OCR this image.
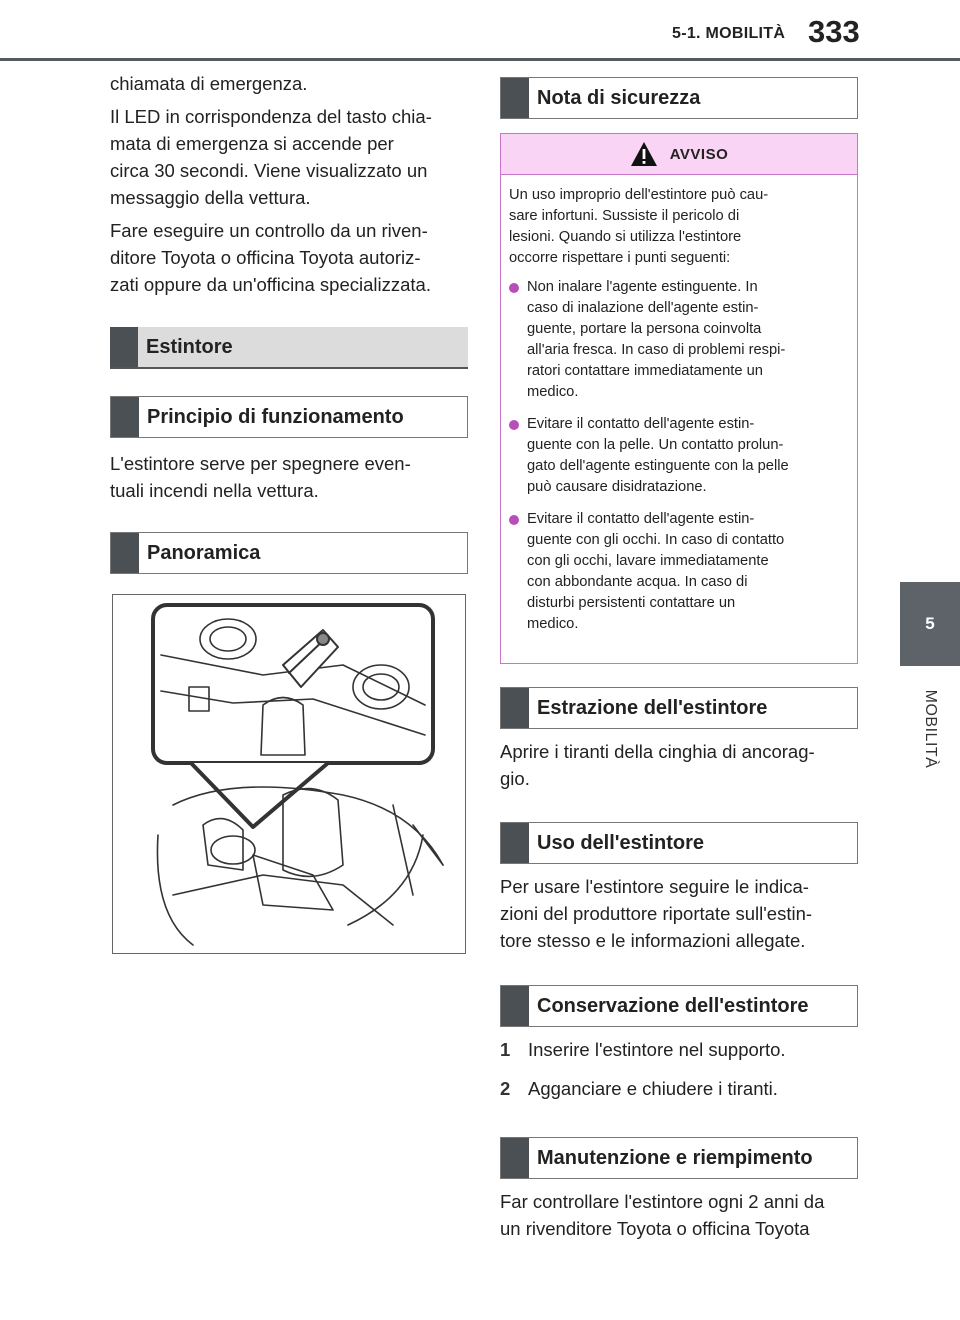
5-1. MOBILITÀ 333
5
MOBILITÀ

chiamata di emergenza.

Il LED in corrispondenza del tasto chia-
mata di emergenza si accende per
circa 30 secondi. Viene visualizzato un
messaggio della vettura.

Fare eseguire un controllo da un riven-
ditore Toyota o officina Toyota autoriz-
zati oppure da un'officina specializzata.

Estintore
Principio di funzionamento

L'estintore serve per spegnere even-
tuali incendi nella vettura.

Panoramica
Nota di sicurezza
AVVISO

Un uso improprio dell'estintore può cau-
sare infortuni. Sussiste il pericolo di
lesioni. Quando si utilizza l'estintore
occorre rispettare i punti seguenti:

Non inalare l'agente estinguente. In
caso di inalazione dell'agente estin-
guente, portare la persona coinvolta
all'aria fresca. In caso di problemi respi-
ratori contattare immediatamente un
medico.
Evitare il contatto dell'agente estin-
guente con la pelle. Un contatto prolun-
gato dell'agente estinguente con la pelle
può causare disidratazione.
Evitare il contatto dell'agente estin-
guente con gli occhi. In caso di contatto
con gli occhi, lavare immediatamente
con abbondante acqua. In caso di
disturbi persistenti contattare un
medico.
Estrazione dell'estintore

Aprire i tiranti della cinghia di ancorag-
gio.

Uso dell'estintore

Per usare l'estintore seguire le indica-
zioni del produttore riportate sull'estin-
tore stesso e le informazioni allegate.

Conservazione dell'estintore
1 Inserire l'estintore nel supporto.
2 Agganciare e chiudere i tiranti.
Manutenzione e riempimento

Far controllare l'estintore ogni 2 anni da
un rivenditore Toyota o officina Toyota
